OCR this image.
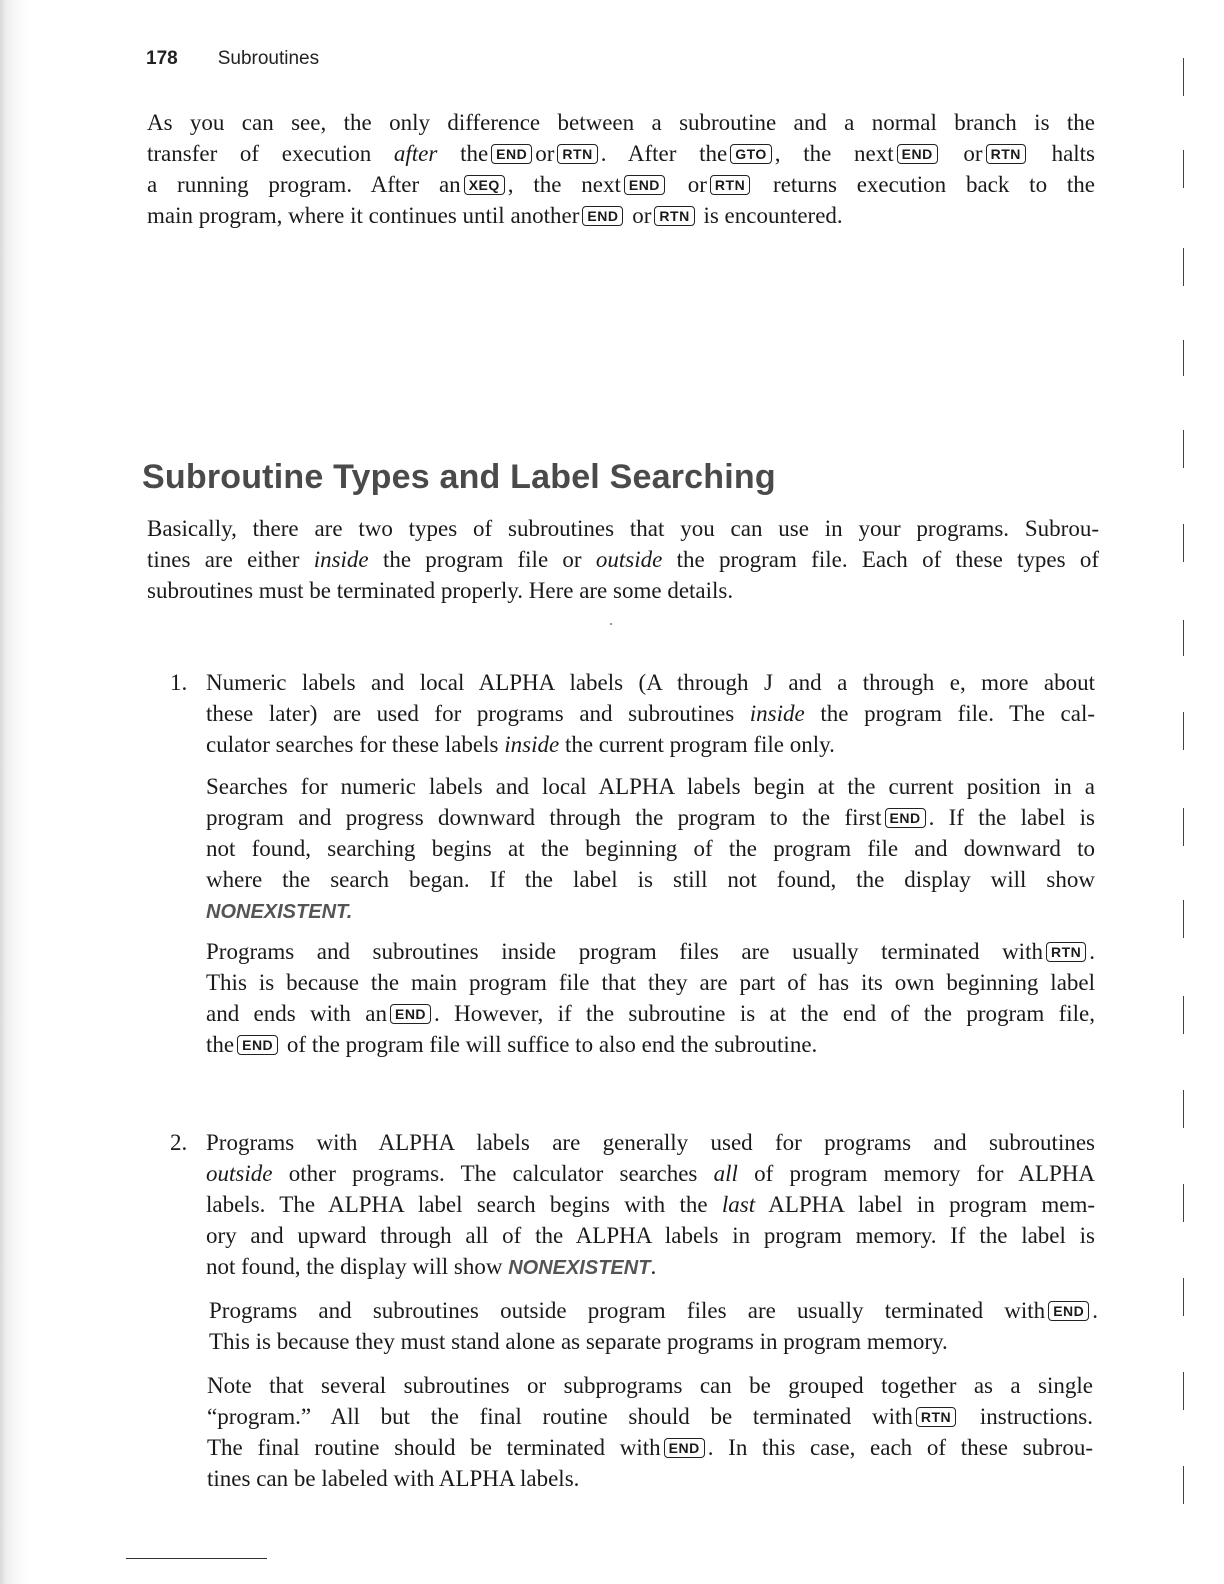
178 Subroutines
As you can see, the only difference between a subroutine and a normal branch is the
transfer of execution after the END or RTN . After the GTO , the next END or RTN halts
a running program. After an XEQ , the next END or RTN returns execution back to the
main program, where it continues until another END or RTN is encountered.
Subroutine Types and Label Searching
Basically, there are two types of subroutines that you can use in your programs. Subrou-
tines are either inside the program file or outside the program file. Each of these types of
subroutines must be terminated properly. Here are some details.
1. Numeric labels and local ALPHA labels (A through J and a through e, more about
these later) are used for programs and subroutines inside the program file. The cal-
culator searches for these labels inside the current program file only.
Searches for numeric labels and local ALPHA labels begin at the current position in a
program and progress downward through the program to the first END . If the label is
not found, searching begins at the beginning of the program file and downward to
where the search began. If the label is still not found, the display will show
NONEXISTENT.
Programs and subroutines inside program files are usually terminated with RTN .
This is because the main program file that they are part of has its own beginning label
and ends with an END . However, if the subroutine is at the end of the program file,
the END of the program file will suffice to also end the subroutine.
2. Programs with ALPHA labels are generally used for programs and subroutines
outside other programs. The calculator searches all of program memory for ALPHA
labels. The ALPHA label search begins with the last ALPHA label in program mem-
ory and upward through all of the ALPHA labels in program memory. If the label is
not found, the display will show NONEXISTENT.
Programs and subroutines outside program files are usually terminated with END .
This is because they must stand alone as separate programs in program memory.
Note that several subroutines or subprograms can be grouped together as a single
“program.” All but the final routine should be terminated with RTN instructions.
The final routine should be terminated with END . In this case, each of these subrou-
tines can be labeled with ALPHA labels.
